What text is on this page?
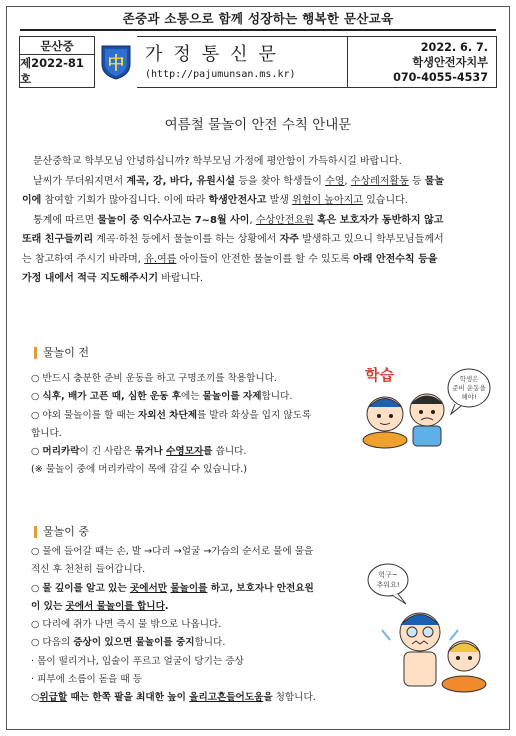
존중과 소통으로 함께 성장하는 행복한 문산교육
문산중
제2022-81호
中 가정통신문
(http://pajumunsan.ms.kr)
2022. 6. 7.
학생안전자치부
070-4055-4537
여름철 물놀이 안전 수칙 안내문

문산중학교 학부모님 안녕하십니까? 학부모님 가정에 평안함이 가득하시길 바랍니다.

날씨가 무더워지면서 계곡, 강, 바다, 유원시설 등을 찾아 학생들이 수영, 수상레저활동 등 물놀

이에 참여할 기회가 많아집니다. 이에 따라 학생안전사고 발생 위험이 높아지고 있습니다.

통계에 따르면 물놀이 중 익수사고는 7~8월 사이, 수상안전요원 혹은 보호자가 동반하지 않고

또래 친구들끼리 계곡·하천 등에서 물놀이를 하는 상황에서 자주 발생하고 있으니 학부모님들께서

는 참고하여 주시기 바라며, 유.여름 아이들이 안전한 물놀이를 할 수 있도록 아래 안전수칙 등을

가정 내에서 적극 지도해주시기 바랍니다.

물놀이 전
○ 반드시 충분한 준비 운동을 하고 구명조끼를 착용합니다.
○ 식후, 배가 고픈 때, 심한 운동 후에는 물놀이를 자제합니다.
○ 야외 물놀이를 할 때는 자외선 차단제를 발라 화상을 입지 않도록
합니다.
○ 머리카락이 긴 사람은 묶거나 수영모자를 씁니다.
(※ 물놀이 중에 머리카락이 목에 감길 수 있습니다.)
학습	학생은
준비 운동을
해야!
물놀이 중
○ 물에 들어갈 때는 손, 발 →다리 →얼굴 →가슴의 순서로 물에 물을
적신 후 천천히 들어갑니다.
○ 물 깊이를 알고 있는 곳에서만 물놀이를 하고, 보호자나 안전요원
이 있는 곳에서 물놀이를 합니다.
○ 다리에 쥐가 나면 즉시 물 밖으로 나옵니다.
○ 다음의 증상이 있으면 물놀이를 중지합니다.
· 몸이 떨리거나, 입술이 푸르고 얼굴이 당기는 증상
· 피부에 소름이 돋을 때 등
○위급할 때는 한쪽 팔을 최대한 높이 올리고흔들어도움을 청합니다.
헉구~
추워요!
